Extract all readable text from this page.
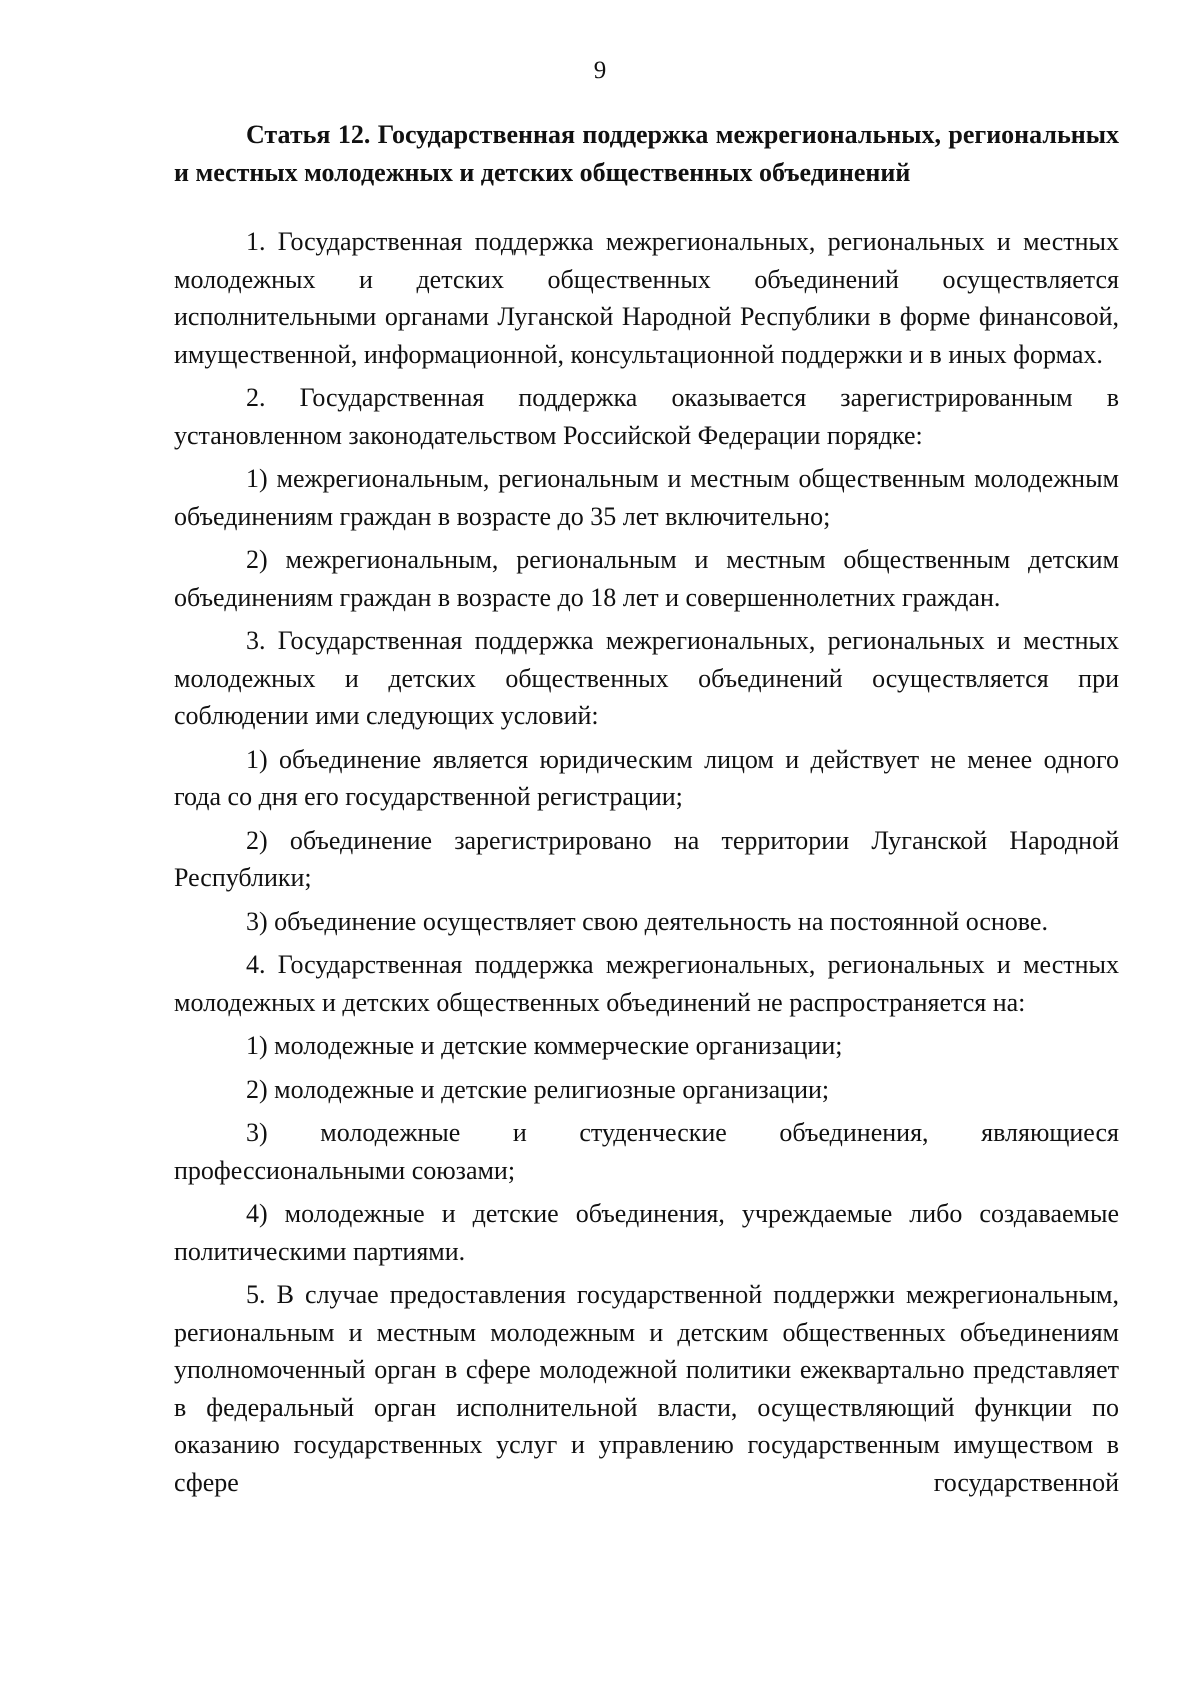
9

Статья 12. Государственная поддержка межрегиональных, региональных и местных молодежных и детских общественных объединений

1. Государственная поддержка межрегиональных, региональных и местных молодежных и детских общественных объединений осуществляется исполнительными органами Луганской Народной Республики в форме финансовой, имущественной, информационной, консультационной поддержки и в иных формах.

2. Государственная поддержка оказывается зарегистрированным в установленном законодательством Российской Федерации порядке:

1) межрегиональным, региональным и местным общественным молодежным объединениям граждан в возрасте до 35 лет включительно;

2) межрегиональным, региональным и местным общественным детским объединениям граждан в возрасте до 18 лет и совершеннолетних граждан.

3. Государственная поддержка межрегиональных, региональных и местных молодежных и детских общественных объединений осуществляется при соблюдении ими следующих условий:

1) объединение является юридическим лицом и действует не менее одного года со дня его государственной регистрации;

2) объединение зарегистрировано на территории Луганской Народной Республики;

3) объединение осуществляет свою деятельность на постоянной основе.

4. Государственная поддержка межрегиональных, региональных и местных молодежных и детских общественных объединений не распространяется на:

1) молодежные и детские коммерческие организации;

2) молодежные и детские религиозные организации;

3) молодежные и студенческие объединения, являющиеся профессиональными союзами;

4) молодежные и детские объединения, учреждаемые либо создаваемые политическими партиями.

5. В случае предоставления государственной поддержки межрегиональным, региональным и местным молодежным и детским общественных объединениям уполномоченный орган в сфере молодежной политики ежеквартально представляет в федеральный орган исполнительной власти, осуществляющий функции по оказанию государственных услуг и управлению государственным имуществом в сфере государственной
